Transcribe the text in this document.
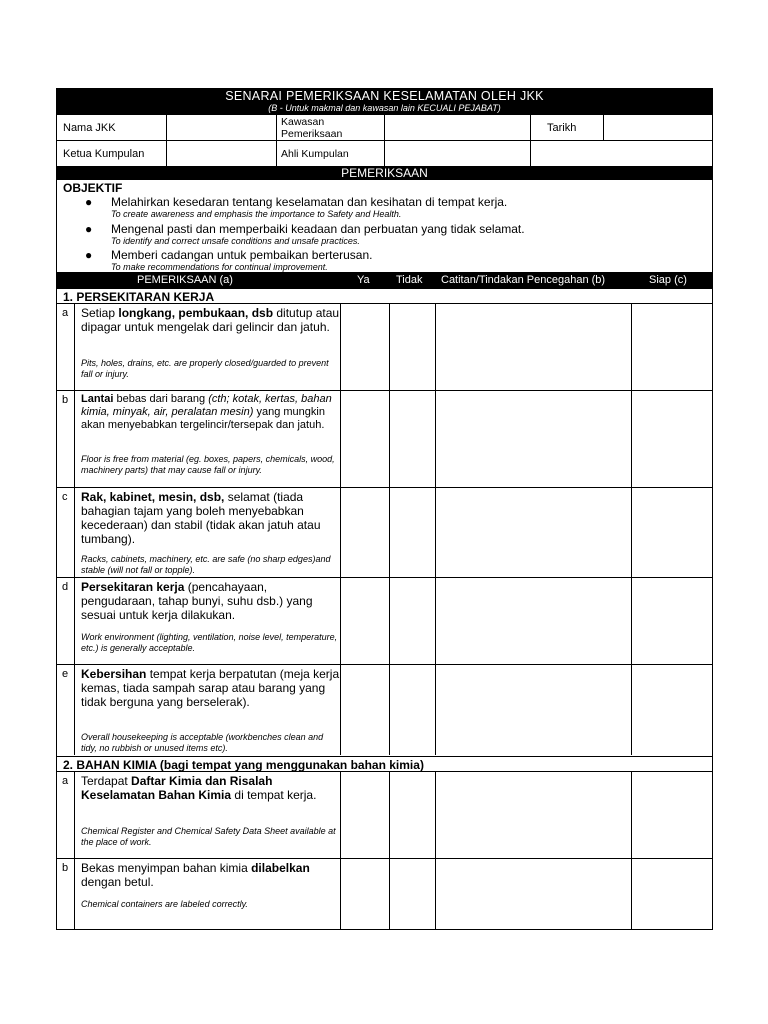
SENARAI PEMERIKSAAN KESELAMATAN OLEH JKK
(B - Untuk makmal dan kawasan lain KECUALI PEJABAT)
Nama JKK	Kawasan Pemeriksaan	Tarikh
Ketua Kumpulan	Ahli Kumpulan
PEMERIKSAAN
OBJEKTIF
● Melahirkan kesedaran tentang keselamatan dan kesihatan di tempat kerja.
To create awareness and emphasis the importance to Safety and Health.
● Mengenal pasti dan memperbaiki keadaan dan perbuatan yang tidak selamat.
To identify and correct unsafe conditions and unsafe practices.
● Memberi cadangan untuk pembaikan berterusan.
To make recommendations for continual improvement.
PEMERIKSAAN (a)	Ya Tidak Catitan/Tindakan Pencegahan (b)	Siap (c)
1. PERSEKITARAN KERJA
a Setiap longkang, pembukaan, dsb ditutup atau dipagar untuk mengelak dari gelincir dan jatuh.
Pits, holes, drains, etc. are properly closed/guarded to prevent fall or injury.
b Lantai bebas dari barang (cth; kotak, kertas, bahan kimia, minyak, air, peralatan mesin) yang mungkin akan menyebabkan tergelincir/tersepak dan jatuh.
Floor is free from material (eg. boxes, papers, chemicals, wood, machinery parts) that may cause fall or injury.
c Rak, kabinet, mesin, dsb, selamat (tiada bahagian tajam yang boleh menyebabkan kecederaan) dan stabil (tidak akan jatuh atau tumbang).
Racks, cabinets, machinery, etc. are safe (no sharp edges)and stable (will not fall or topple).
d Persekitaran kerja (pencahayaan, pengudaraan, tahap bunyi, suhu dsb.) yang sesuai untuk kerja dilakukan.
Work environment (lighting, ventilation, noise level, temperature, etc.) is generally acceptable.
e Kebersihan tempat kerja berpatutan (meja kerja kemas, tiada sampah sarap atau barang yang tidak berguna yang berselerak).
Overall housekeeping is acceptable (workbenches clean and tidy, no rubbish or unused items etc).
2. BAHAN KIMIA (bagi tempat yang menggunakan bahan kimia)
a Terdapat Daftar Kimia dan Risalah Keselamatan Bahan Kimia di tempat kerja.
Chemical Register and Chemical Safety Data Sheet available at the place of work.
b Bekas menyimpan bahan kimia dilabelkan dengan betul.
Chemical containers are labeled correctly.
